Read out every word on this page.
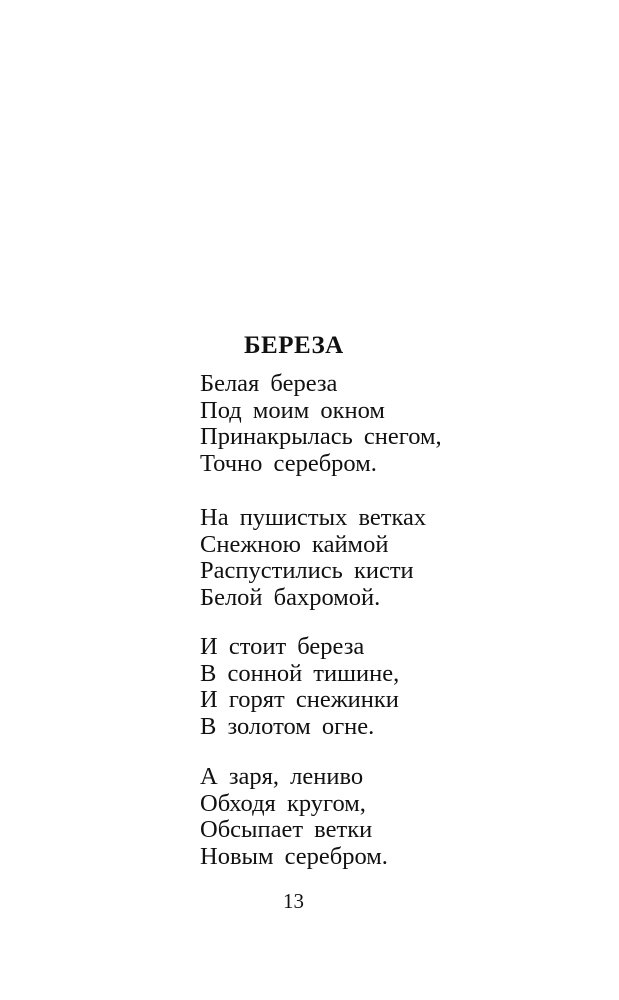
БЕРЕЗА
Белая береза
Под моим окном
Принакрылась снегом,
Точно серебром.
На пушистых ветках
Снежною каймой
Распустились кисти
Белой бахромой.
И стоит береза
В сонной тишине,
И горят снежинки
В золотом огне.
А заря, лениво
Обходя кругом,
Обсыпает ветки
Новым серебром.
13
